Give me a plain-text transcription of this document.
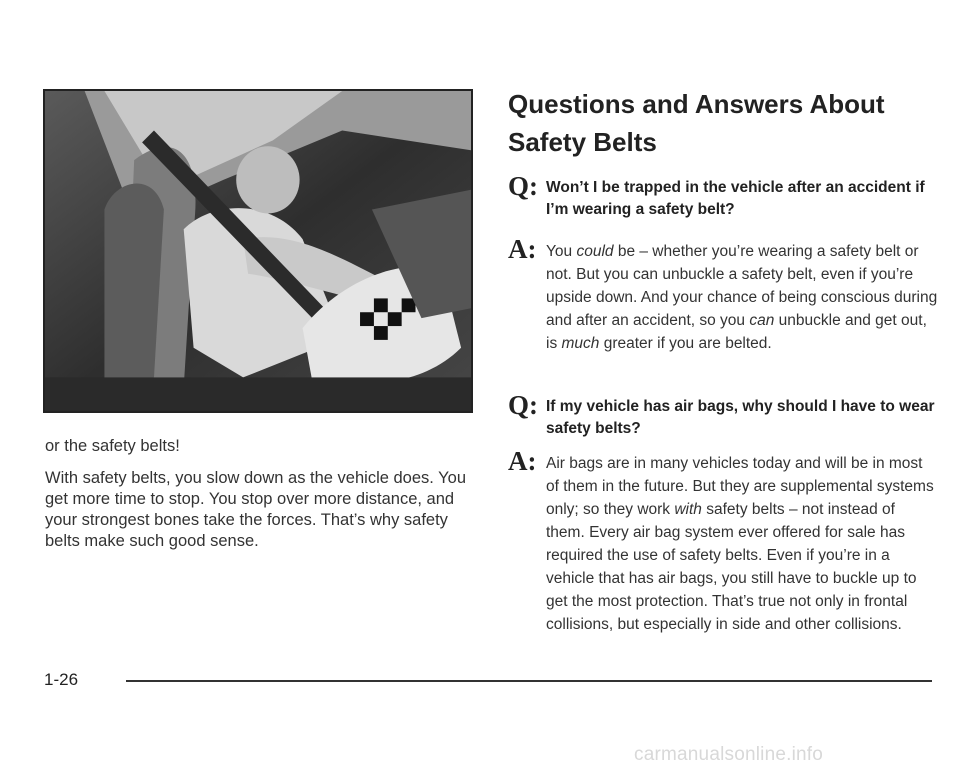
or the safety belts!

With safety belts, you slow down as the vehicle does. You get more time to stop. You stop over more distance, and your strongest bones take the forces. That’s why safety belts make such good sense.

Questions and Answers About Safety Belts
Q: Won’t I be trapped in the vehicle after an accident if I’m wearing a safety belt?
A: You could be – whether you’re wearing a safety belt or not. But you can unbuckle a safety belt, even if you’re upside down. And your chance of being conscious during and after an accident, so you can unbuckle and get out, is much greater if you are belted.
Q: If my vehicle has air bags, why should I have to wear safety belts?
A: Air bags are in many vehicles today and will be in most of them in the future. But they are supplemental systems only; so they work with safety belts – not instead of them. Every air bag system ever offered for sale has required the use of safety belts. Even if you’re in a vehicle that has air bags, you still have to buckle up to get the most protection. That’s true not only in frontal collisions, but especially in side and other collisions.
1-26
carmanualsonline.info
